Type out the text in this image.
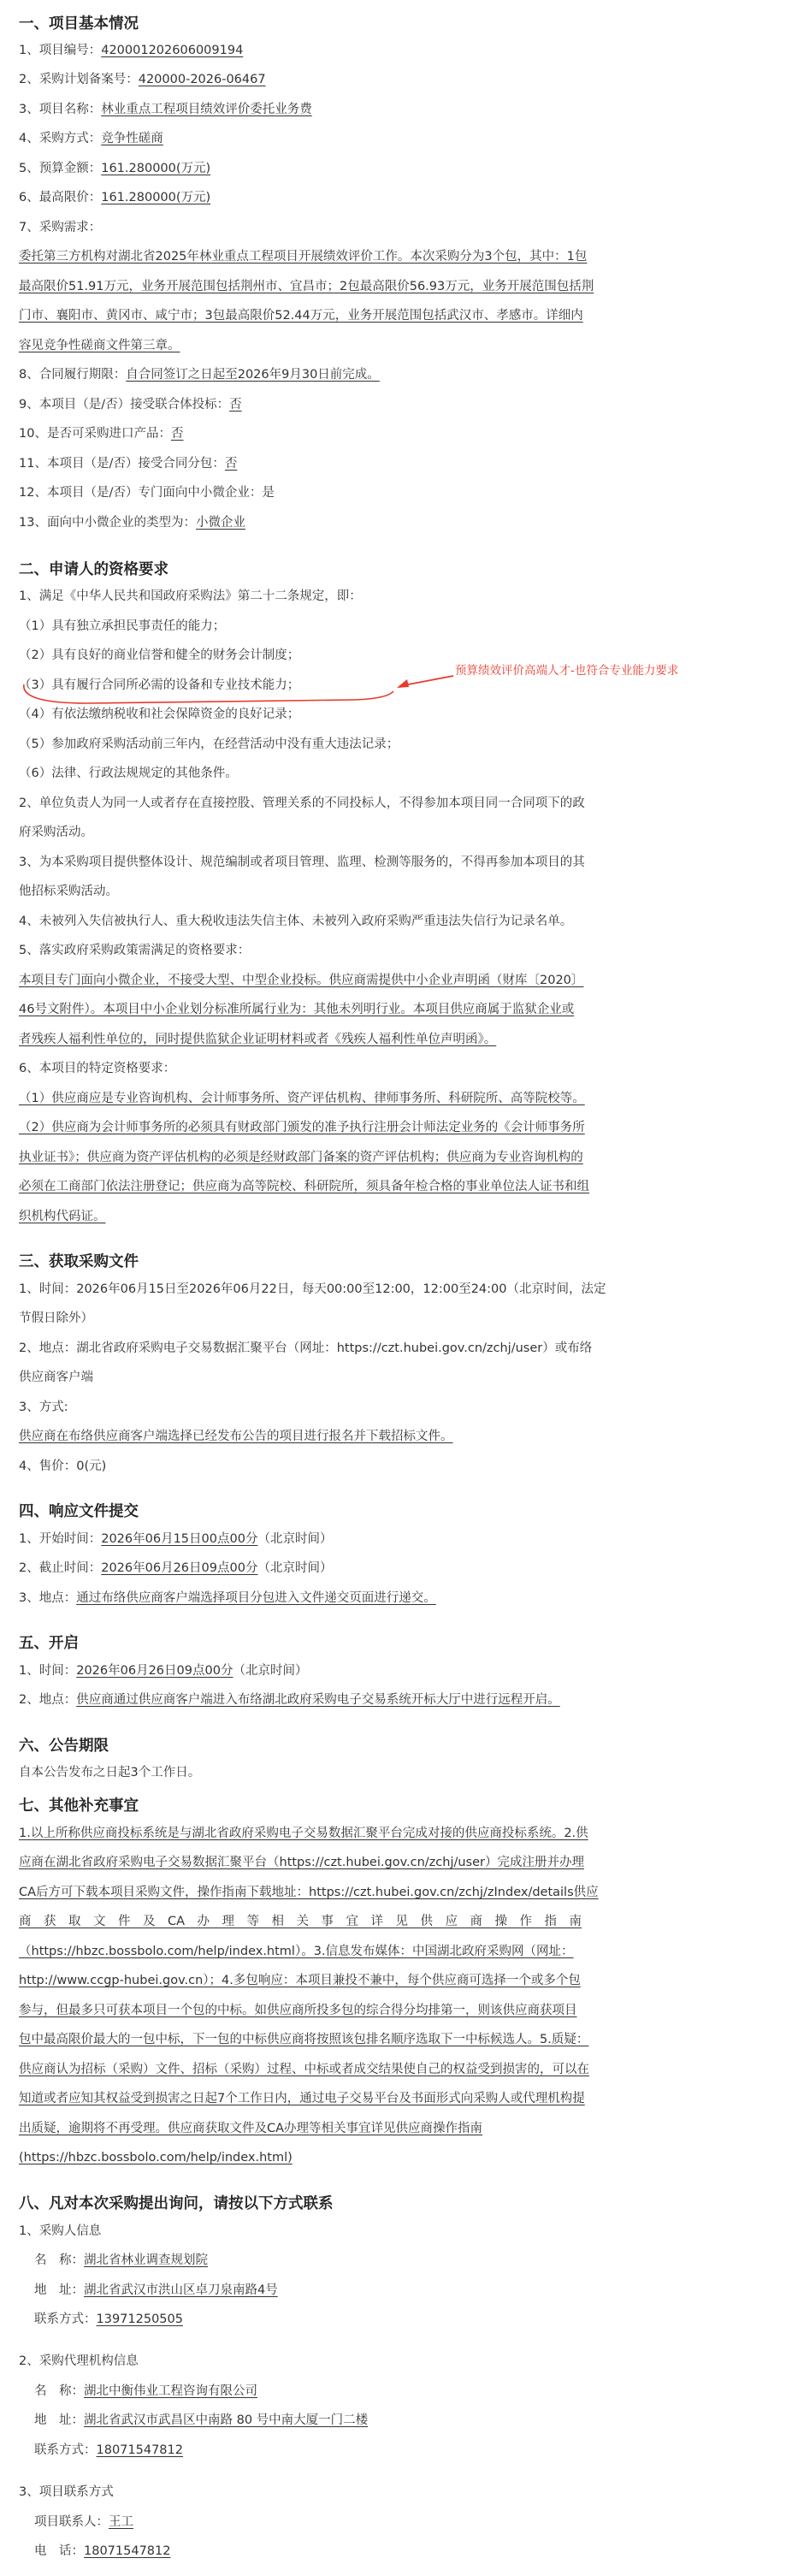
一、项目基本情况
1、项目编号：420001202606009194
2、采购计划备案号：420000-2026-06467
3、项目名称：林业重点工程项目绩效评价委托业务费
4、采购方式：竞争性磋商
5、预算金额：161.280000(万元)
6、最高限价：161.280000(万元)
7、采购需求：
委托第三方机构对湖北省2025年林业重点工程项目开展绩效评价工作。本次采购分为3个包，其中：1包
最高限价51.91万元，业务开展范围包括荆州市、宜昌市；2包最高限价56.93万元，业务开展范围包括荆
门市、襄阳市、黄冈市、咸宁市；3包最高限价52.44万元，业务开展范围包括武汉市、孝感市。详细内
容见竞争性磋商文件第三章。
8、合同履行期限：自合同签订之日起至2026年9月30日前完成。
9、本项目（是/否）接受联合体投标：否
10、是否可采购进口产品：否
11、本项目（是/否）接受合同分包：否
12、本项目（是/否）专门面向中小微企业：是
13、面向中小微企业的类型为：小微企业
二、申请人的资格要求
1、满足《中华人民共和国政府采购法》第二十二条规定，即：
（1）具有独立承担民事责任的能力；
（2）具有良好的商业信誉和健全的财务会计制度；
（3）具有履行合同所必需的设备和专业技术能力；
预算绩效评价高端人才-也符合专业能力要求
（4）有依法缴纳税收和社会保障资金的良好记录；
（5）参加政府采购活动前三年内，在经营活动中没有重大违法记录；
（6）法律、行政法规规定的其他条件。
2、单位负责人为同一人或者存在直接控股、管理关系的不同投标人，不得参加本项目同一合同项下的政
府采购活动。
3、为本采购项目提供整体设计、规范编制或者项目管理、监理、检测等服务的，不得再参加本项目的其
他招标采购活动。
4、未被列入失信被执行人、重大税收违法失信主体、未被列入政府采购严重违法失信行为记录名单。
5、落实政府采购政策需满足的资格要求：
本项目专门面向小微企业，不接受大型、中型企业投标。供应商需提供中小企业声明函（财库〔2020〕
46号文附件）。本项目中小企业划分标准所属行业为：其他未列明行业。本项目供应商属于监狱企业或
者残疾人福利性单位的，同时提供监狱企业证明材料或者《残疾人福利性单位声明函》。
6、本项目的特定资格要求：
（1）供应商应是专业咨询机构、会计师事务所、资产评估机构、律师事务所、科研院所、高等院校等。
（2）供应商为会计师事务所的必须具有财政部门颁发的准予执行注册会计师法定业务的《会计师事务所
执业证书》；供应商为资产评估机构的必须是经财政部门备案的资产评估机构；供应商为专业咨询机构的
必须在工商部门依法注册登记；供应商为高等院校、科研院所，须具备年检合格的事业单位法人证书和组
织机构代码证。
三、获取采购文件
1、时间：2026年06月15日至2026年06月22日，每天00:00至12:00，12:00至24:00（北京时间，法定
节假日除外）
2、地点：湖北省政府采购电子交易数据汇聚平台（网址：https://czt.hubei.gov.cn/zchj/user）或布络
供应商客户端
3、方式:
供应商在布络供应商客户端选择已经发布公告的项目进行报名并下载招标文件。
4、售价：0(元)
四、响应文件提交
1、开始时间：2026年06月15日00点00分（北京时间）
2、截止时间：2026年06月26日09点00分（北京时间）
3、地点：通过布络供应商客户端选择项目分包进入文件递交页面进行递交。
五、开启
1、时间：2026年06月26日09点00分（北京时间）
2、地点：供应商通过供应商客户端进入布络湖北政府采购电子交易系统开标大厅中进行远程开启。
六、公告期限
自本公告发布之日起3个工作日。
七、其他补充事宜
1.以上所称供应商投标系统是与湖北省政府采购电子交易数据汇聚平台完成对接的供应商投标系统。2.供
应商在湖北省政府采购电子交易数据汇聚平台（https://czt.hubei.gov.cn/zchj/user）完成注册并办理
CA后方可下载本项目采购文件，操作指南下载地址：https://czt.hubei.gov.cn/zchj/zIndex/details供应
商　获　取　文　件　及　CA　办　理　等　相　关　事　宜　详　见　供　应　商　操　作　指　南
（https://hbzc.bossbolo.com/help/index.html）。3.信息发布媒体：中国湖北政府采购网（网址：
http://www.ccgp-hubei.gov.cn）；4.多包响应：本项目兼投不兼中，每个供应商可选择一个或多个包
参与，但最多只可获本项目一个包的中标。如供应商所投多包的综合得分均排第一，则该供应商获项目
包中最高限价最大的一包中标，下一包的中标供应商将按照该包排名顺序选取下一中标候选人。5.质疑：
供应商认为招标（采购）文件、招标（采购）过程、中标或者成交结果使自己的权益受到损害的，可以在
知道或者应知其权益受到损害之日起7个工作日内，通过电子交易平台及书面形式向采购人或代理机构提
出质疑，逾期将不再受理。供应商获取文件及CA办理等相关事宜详见供应商操作指南
(https://hbzc.bossbolo.com/help/index.html)
八、凡对本次采购提出询问，请按以下方式联系
1、采购人信息
名　称：湖北省林业调查规划院
地　址：湖北省武汉市洪山区卓刀泉南路4号
联系方式：13971250505
2、采购代理机构信息
名　称：湖北中衡伟业工程咨询有限公司
地　址：湖北省武汉市武昌区中南路 80 号中南大厦一门二楼
联系方式：18071547812
3、项目联系方式
项目联系人：王工
电　话：18071547812
